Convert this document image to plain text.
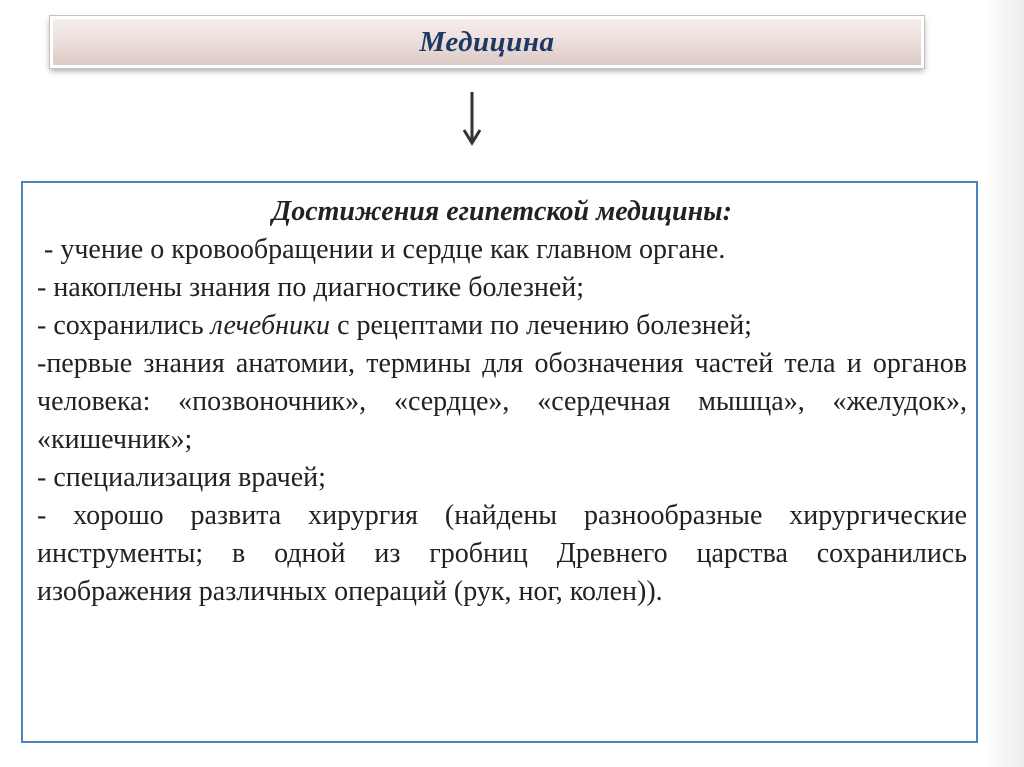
Медицина

Достижения египетской медицины:

- учение о кровообращении и сердце как главном органе.

- накоплены знания по диагностике болезней;

- сохранились лечебники с рецептами по лечению болезней;

-первые знания анатомии, термины для обозначения частей тела и органов человека: «позвоночник», «сердце», «сердечная мышца», «желудок», «кишечник»;

- специализация врачей;

- хорошо развита хирургия (найдены разнообразные хирургические инструменты; в одной из гробниц Древнего царства сохранились изображения различных операций (рук, ног, колен)).
